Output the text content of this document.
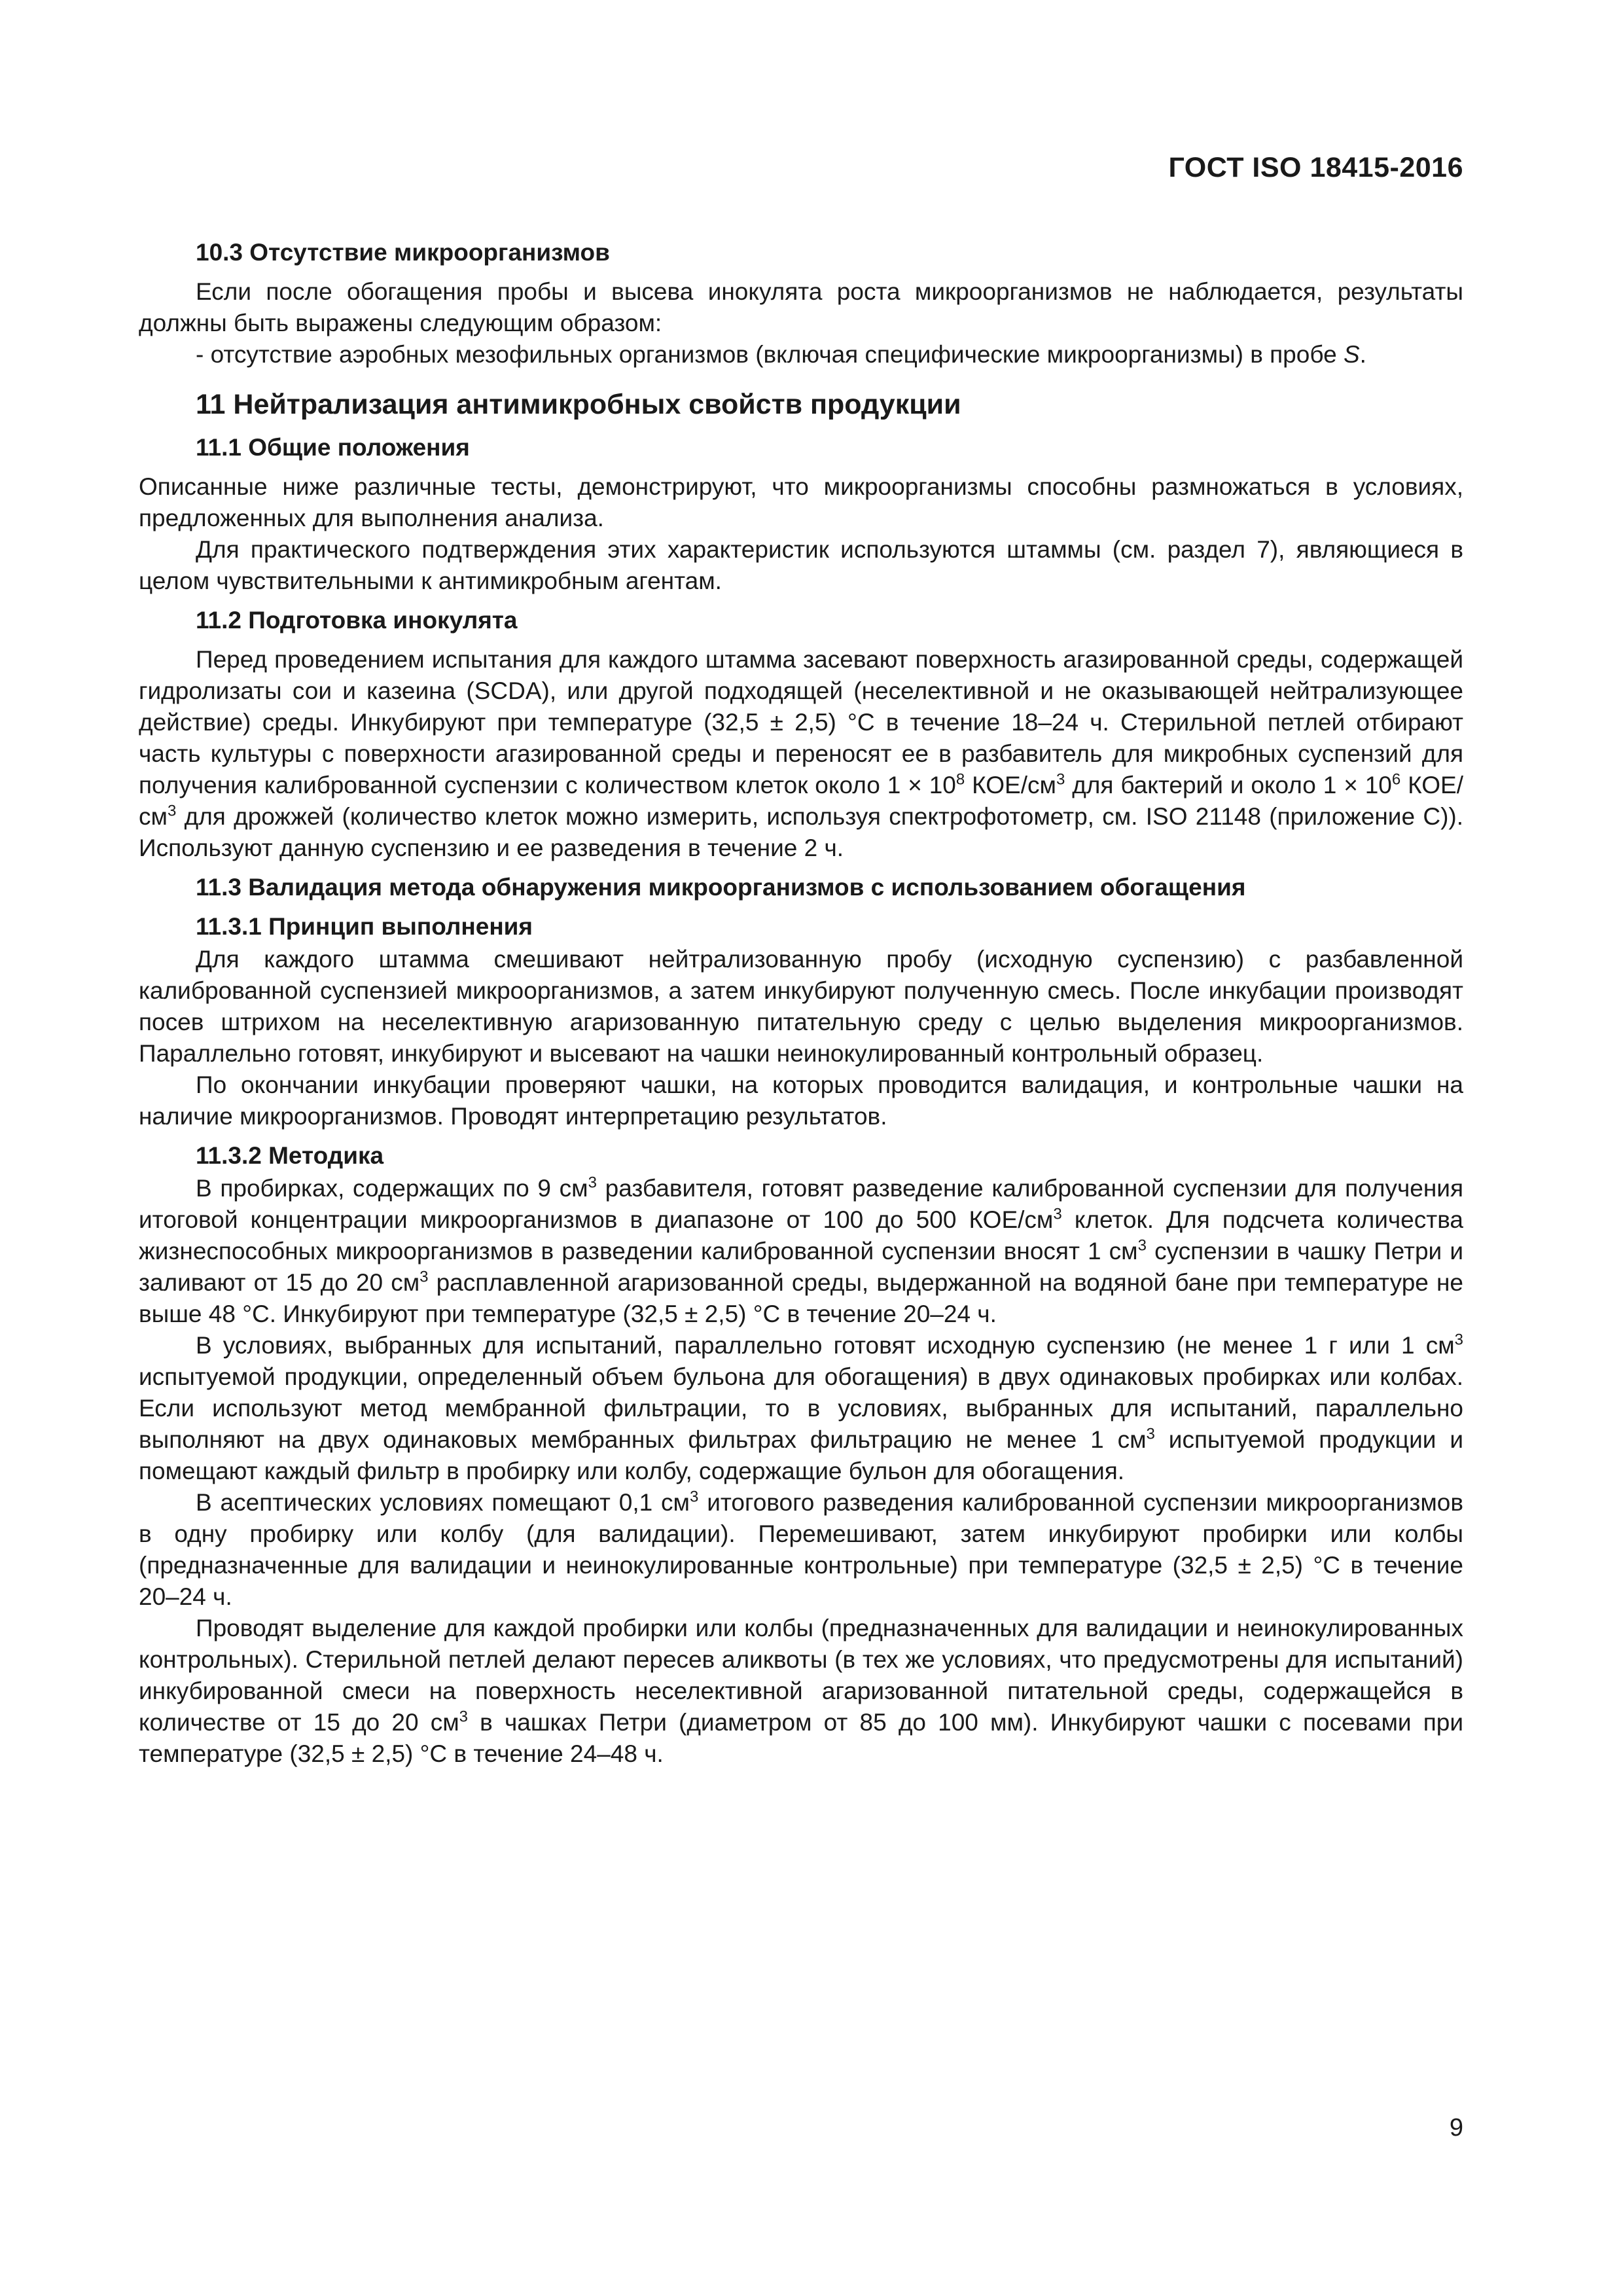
ГОСТ ISO 18415-2016
10.3 Отсутствие микроорганизмов

Если после обогащения пробы и высева инокулята роста микроорганизмов не наблюдается, результаты должны быть выражены следующим образом:

- отсутствие аэробных мезофильных организмов (включая специфические микроорганизмы) в пробе S.

11 Нейтрализация антимикробных свойств продукции
11.1 Общие положения

Описанные ниже различные тесты, демонстрируют, что микроорганизмы способны размножаться в условиях, предложенных для выполнения анализа.

Для практического подтверждения этих характеристик используются штаммы (см. раздел 7), являющиеся в целом чувствительными к антимикробным агентам.

11.2 Подготовка инокулята

Перед проведением испытания для каждого штамма засевают поверхность агазированной среды, содержащей гидролизаты сои и казеина (SCDA), или другой подходящей (неселективной и не оказывающей нейтрализующее действие) среды. Инкубируют при температуре (32,5 ± 2,5) °С в течение 18–24 ч. Стерильной петлей отбирают часть культуры с поверхности агазированной среды и переносят ее в разбавитель для микробных суспензий для получения калиброванной суспензии с количеством клеток около $1 \times 10^8$ КОЕ/$см^3$ для бактерий и около $1 \times 10^6$ КОЕ/$см^3$ для дрожжей (количество клеток можно измерить, используя спектрофотометр, см. ISO 21148 (приложение С)). Используют данную суспензию и ее разведения в течение 2 ч.

11.3 Валидация метода обнаружения микроорганизмов с использованием обогащения
11.3.1 Принцип выполнения

Для каждого штамма смешивают нейтрализованную пробу (исходную суспензию) с разбавленной калиброванной суспензией микроорганизмов, а затем инкубируют полученную смесь. После инкубации производят посев штрихом на неселективную агаризованную питательную среду с целью выделения микроорганизмов. Параллельно готовят, инкубируют и высевают на чашки неинокулированный контрольный образец.

По окончании инкубации проверяют чашки, на которых проводится валидация, и контрольные чашки на наличие микроорганизмов. Проводят интерпретацию результатов.

11.3.2 Методика

В пробирках, содержащих по 9 $см^3$ разбавителя, готовят разведение калиброванной суспензии для получения итоговой концентрации микроорганизмов в диапазоне от 100 до 500 КОЕ/$см^3$ клеток. Для подсчета количества жизнеспособных микроорганизмов в разведении калиброванной суспензии вносят 1 $см^3$ суспензии в чашку Петри и заливают от 15 до 20 $см^3$ расплавленной агаризованной среды, выдержанной на водяной бане при температуре не выше 48 °С. Инкубируют при температуре (32,5 ± 2,5) °С в течение 20–24 ч.

В условиях, выбранных для испытаний, параллельно готовят исходную суспензию (не менее 1 г или 1 $см^3$ испытуемой продукции, определенный объем бульона для обогащения) в двух одинаковых пробирках или колбах. Если используют метод мембранной фильтрации, то в условиях, выбранных для испытаний, параллельно выполняют на двух одинаковых мембранных фильтрах фильтрацию не менее 1 $см^3$ испытуемой продукции и помещают каждый фильтр в пробирку или колбу, содержащие бульон для обогащения.

В асептических условиях помещают 0,1 $см^3$ итогового разведения калиброванной суспензии микроорганизмов в одну пробирку или колбу (для валидации). Перемешивают, затем инкубируют пробирки или колбы (предназначенные для валидации и неинокулированные контрольные) при температуре (32,5 ± 2,5) °С в течение 20–24 ч.

Проводят выделение для каждой пробирки или колбы (предназначенных для валидации и неинокулированных контрольных). Стерильной петлей делают пересев аликвоты (в тех же условиях, что предусмотрены для испытаний) инкубированной смеси на поверхность неселективной агаризованной питательной среды, содержащейся в количестве от 15 до 20 $см^3$ в чашках Петри (диаметром от 85 до 100 мм). Инкубируют чашки с посевами при температуре (32,5 ± 2,5) °С в течение 24–48 ч.

9
